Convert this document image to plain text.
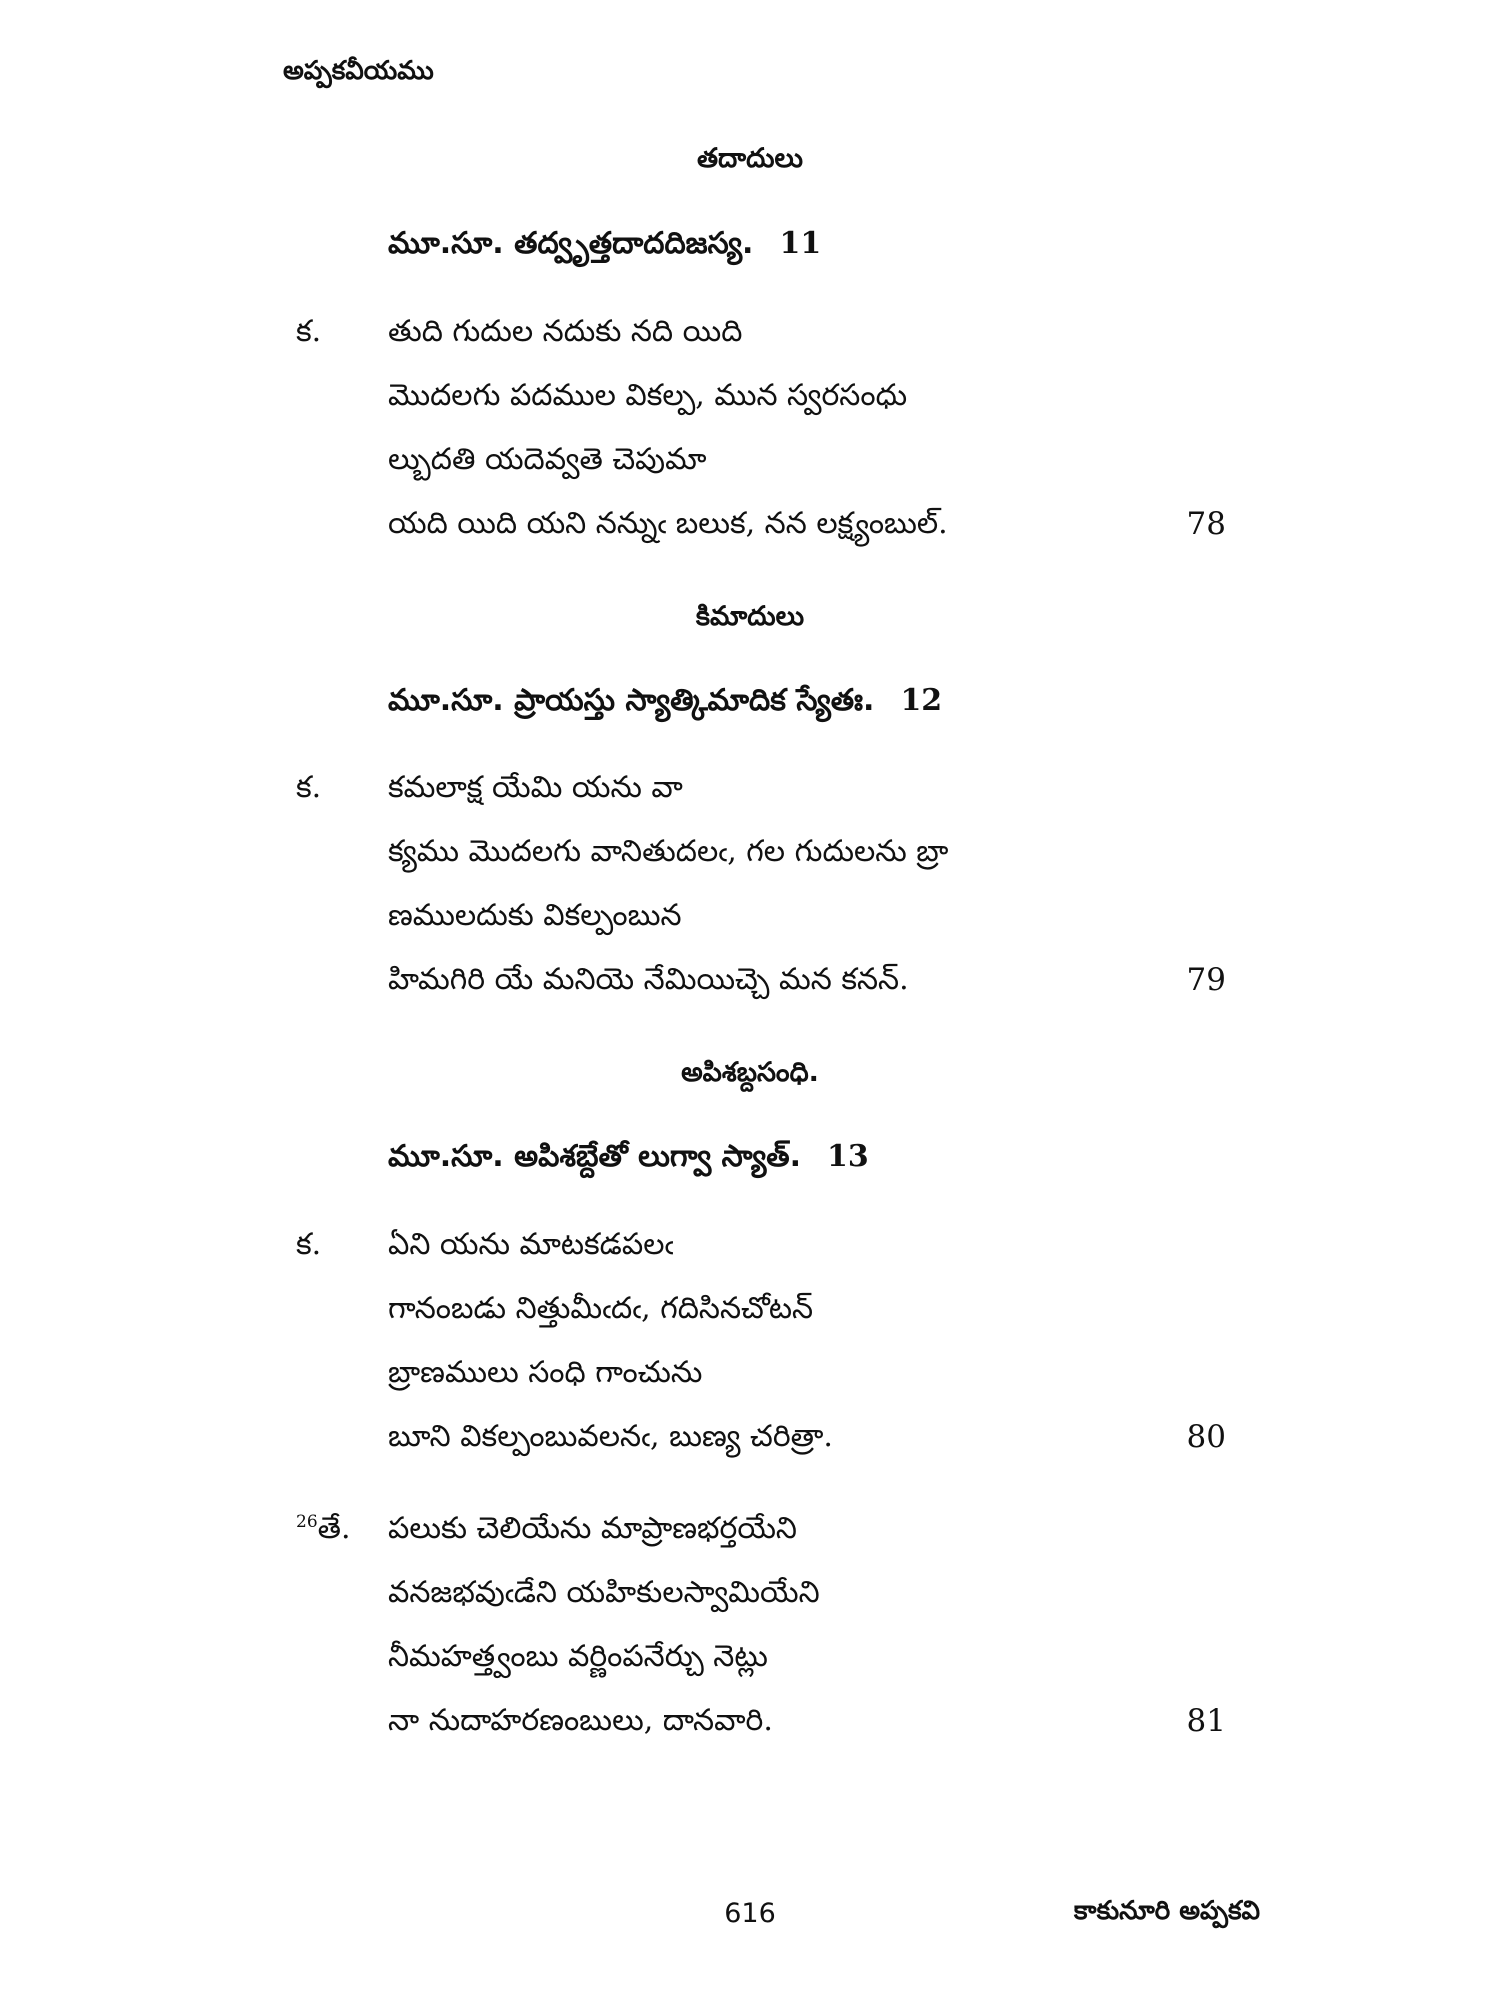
అప్పకవీయము
తదాదులు
మూ.సూ. తద్వృత్తదాదదిజస్య. 11
క. తుది గుదుల నదుకు నది యిది
మొదలగు పదముల వికల్ప, మున స్వరసంధు
ల్బుదతి యదెవ్వతె చెపుమా
యది యిది యని నన్నుఁ బలుక, నన లక్ష్యంబుల్.	78
కిమాదులు
మూ.సూ. ప్రాయస్తు స్యాత్కిమాదిక స్యేతః. 12
క. కమలాక్ష యేమి యను వా
క్యము మొదలగు వానితుదలఁ, గల గుదులను బ్రా
ణములదుకు వికల్పంబున
హిమగిరి యే మనియె నేమియిచ్చె మన కనన్.	79
అపిశబ్దసంధి.
మూ.సూ. అపిశబ్దేతో లుగ్వా స్యాత్. 13
క. ఏని యను మాటకడపలఁ
గానంబడు నిత్తుమీఁదఁ, గదిసినచోటన్
బ్రాణములు సంధి గాంచును
బూని వికల్పంబువలనఁ, బుణ్య చరిత్రా.	80
$^{26}$తే. పలుకు చెలియేను మాప్రాణభర్తయేని
వనజభవుఁడేని యహికులస్వామియేని
నీమహత్త్వంబు వర్ణింపనేర్చు నెట్లు
నా నుదాహరణంబులు, దానవారి.	81
616	కాకునూరి అప్పకవి
